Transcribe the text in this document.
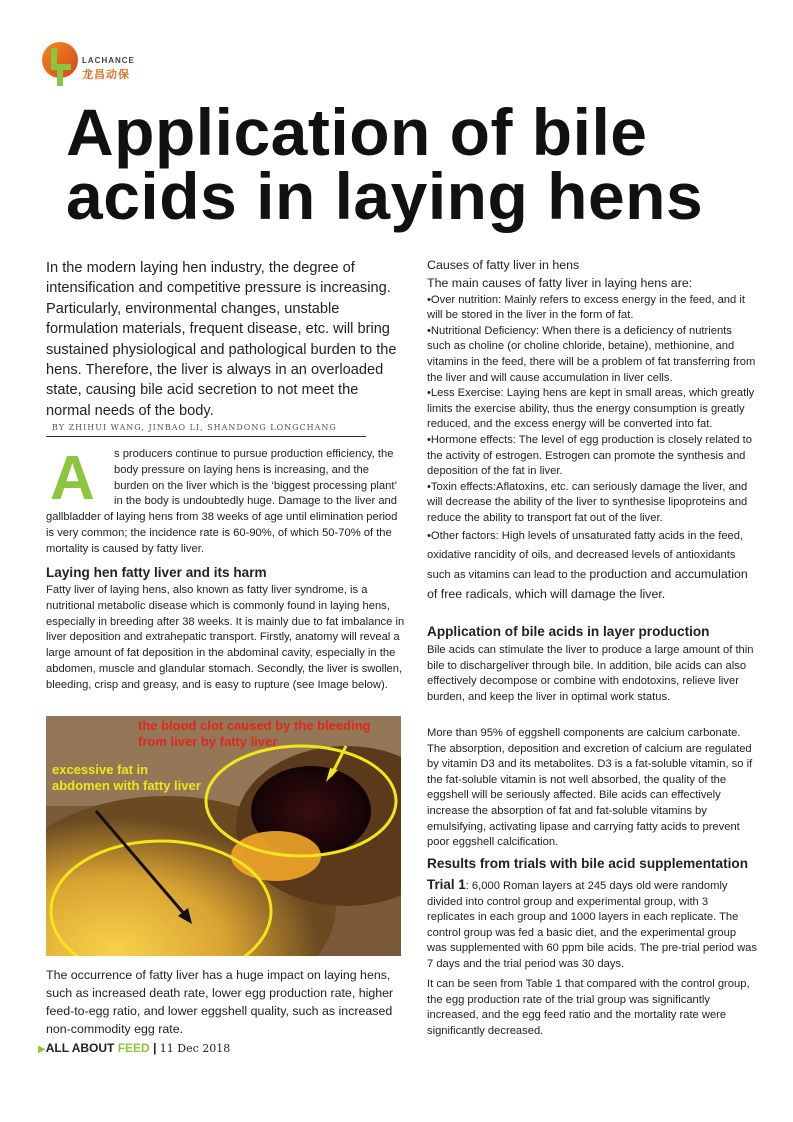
LACHANCE
龙昌动保
Application of bile acids in laying hens

In the modern laying hen industry, the degree of intensification and competitive pressure is increasing. Particularly, environmental changes, unstable formulation materials, frequent disease, etc. will bring sustained physiological and pathological burden to the hens. Therefore, the liver is always in an overloaded state, causing bile acid secretion to not meet the normal needs of the body.

BY ZHIHUI WANG, JINBAO LI, SHANDONG LONGCHANG
A	s producers continue to pursue production efficiency, the body pressure on laying hens is increasing, and the burden on the liver which is the ‘biggest processing plant’ in the body is undoubtedly huge. Damage to the liver and gallbladder of laying hens from 38 weeks of age until elimination period is very common; the incidence rate is 60-90%, of which 50-70% of the mortality is caused by fatty liver.

Laying hen fatty liver and its harm

Fatty liver of laying hens, also known as fatty liver syndrome, is a nutritional metabolic disease which is commonly found in laying hens, especially in breeding after 38 weeks. It is mainly due to fat imbalance in liver deposition and extrahepatic transport. Firstly, anatomy will reveal a large amount of fat deposition in the abdominal cavity, especially in the abdomen, muscle and glandular stomach. Secondly, the liver is swollen, bleeding, crisp and greasy, and is easy to rupture (see Image below).

the blood clot caused by the bleeding from liver by fatty liver
excessive fat in abdomen with fatty liver

The occurrence of fatty liver has a huge impact on laying hens, such as increased death rate, lower egg production rate, higher feed-to-egg ratio, and lower eggshell quality, such as increased non-commodity egg rate.

▶ALL ABOUT FEED | 11 Dec 2018
Causes of fatty liver in hens

The main causes of fatty liver in laying hens are:

•Over nutrition: Mainly refers to excess energy in the feed, and it will be stored in the liver in the form of fat.

•Nutritional Deficiency: When there is a deficiency of nutrients such as choline (or choline chloride, betaine), methionine, and vitamins in the feed, there will be a problem of fat transferring from the liver and will cause accumulation in liver cells.

•Less Exercise: Laying hens are kept in small areas, which greatly limits the exercise ability, thus the energy consumption is greatly reduced, and the excess energy will be converted into fat.

•Hormone effects: The level of egg production is closely related to the activity of estrogen. Estrogen can promote the synthesis and deposition of the fat in liver.

•Toxin effects:Aflatoxins, etc. can seriously damage the liver, and will decrease the ability of the liver to synthesise lipoproteins and reduce the ability to transport fat out of the liver.

•Other factors: High levels of unsaturated fatty acids in the feed, oxidative rancidity of oils, and decreased levels of antioxidants such as vitamins can lead to the production and accumulation of free radicals, which will damage the liver.

Application of bile acids in layer production

Bile acids can stimulate the liver to produce a large amount of thin bile to dischargeliver through bile. In addition, bile acids can also effectively decompose or combine with endotoxins, relieve liver burden, and keep the liver in optimal work status.

More than 95% of eggshell components are calcium carbonate. The absorption, deposition and excretion of calcium are regulated by vitamin D3 and its metabolites. D3 is a fat-soluble vitamin, so if the fat-soluble vitamin is not well absorbed, the quality of the eggshell will be seriously affected. Bile acids can effectively increase the absorption of fat and fat-soluble vitamins by emulsifying, activating lipase and carrying fatty acids to prevent poor eggshell calcification.

Results from trials with bile acid supplementation

Trial 1: 6,000 Roman layers at 245 days old were randomly divided into control group and experimental group, with 3 replicates in each group and 1000 layers in each replicate. The control group was fed a basic diet, and the experimental group was supplemented with 60 ppm bile acids. The pre-trial period was 7 days and the trial period was 30 days.

It can be seen from Table 1 that compared with the control group, the egg production rate of the trial group was significantly increased, and the egg feed ratio and the mortality rate were significantly decreased.
